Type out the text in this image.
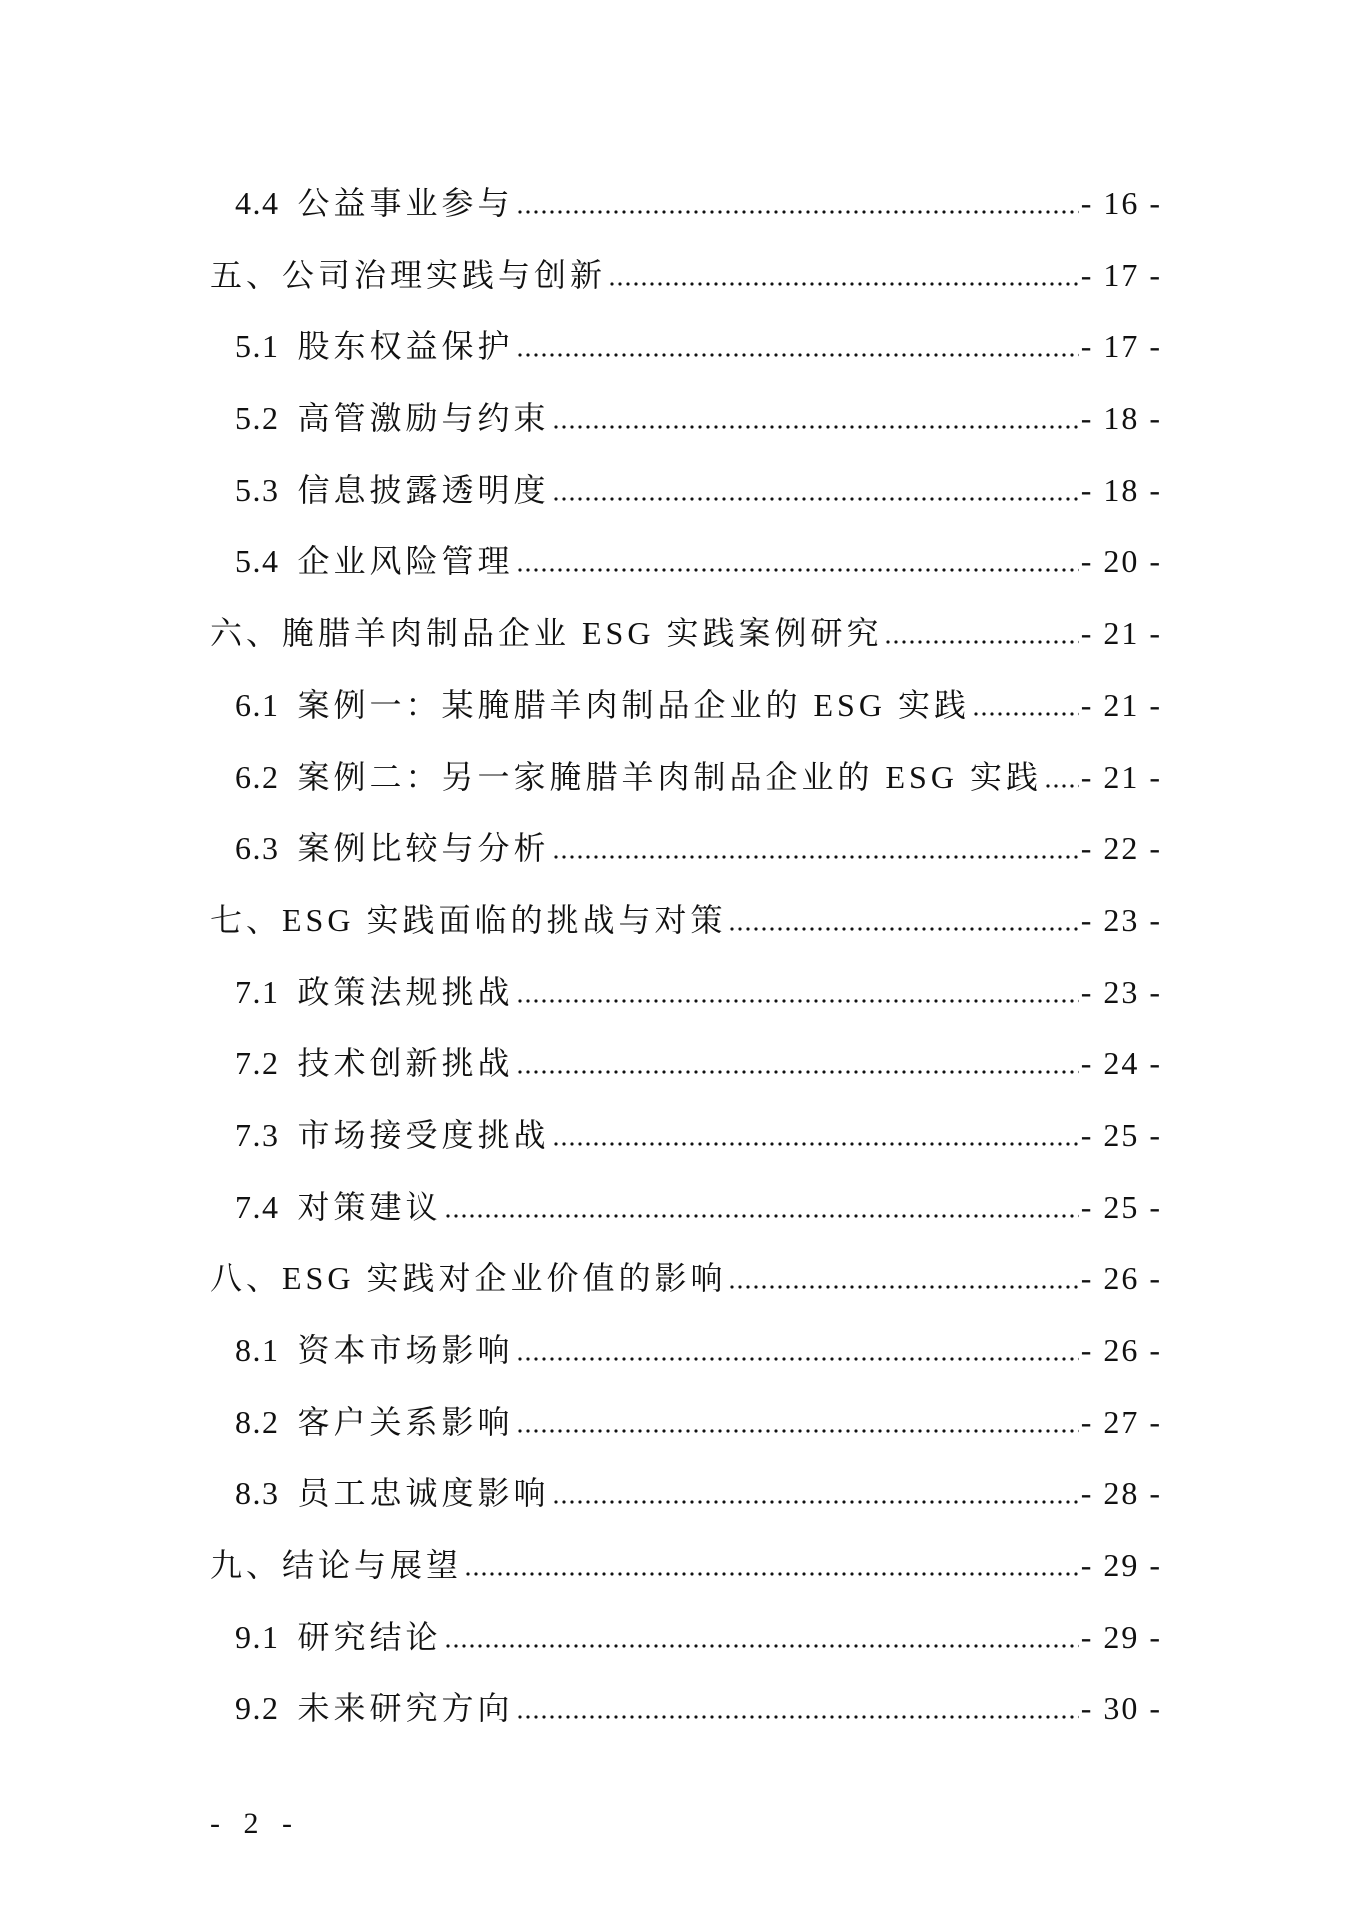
4.4 公益事业参与	- 16 -
五、公司治理实践与创新	- 17 -
5.1 股东权益保护	- 17 -
5.2 高管激励与约束	- 18 -
5.3 信息披露透明度	- 18 -
5.4 企业风险管理	- 20 -
六、腌腊羊肉制品企业 ESG 实践案例研究	- 21 -
6.1 案例一：某腌腊羊肉制品企业的 ESG 实践	- 21 -
6.2 案例二：另一家腌腊羊肉制品企业的 ESG 实践 - 21 -
6.3 案例比较与分析	- 22 -
七、ESG 实践面临的挑战与对策	- 23 -
7.1 政策法规挑战	- 23 -
7.2 技术创新挑战	- 24 -
7.3 市场接受度挑战	- 25 -
7.4 对策建议	- 25 -
八、ESG 实践对企业价值的影响	- 26 -
8.1 资本市场影响	- 26 -
8.2 客户关系影响	- 27 -
8.3 员工忠诚度影响	- 28 -
九、结论与展望	- 29 -
9.1 研究结论	- 29 -
9.2 未来研究方向	- 30 -
- 2 -
